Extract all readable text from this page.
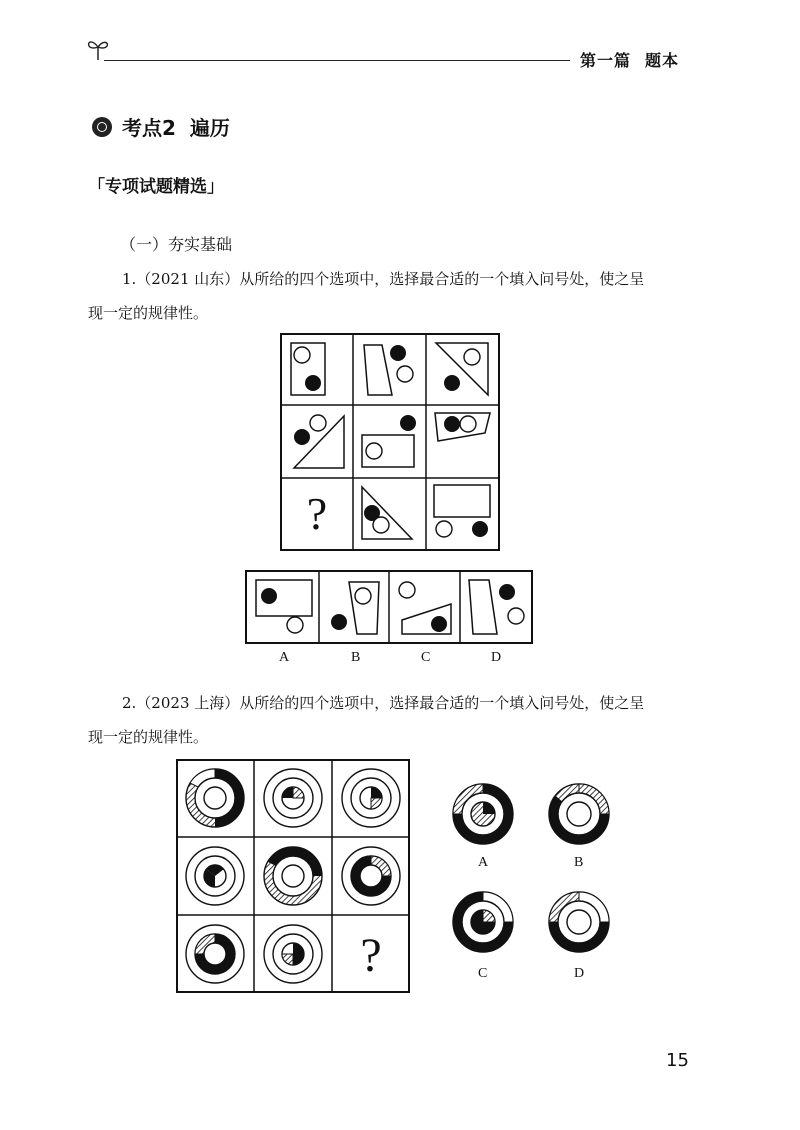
第一篇 题本
考点2 遍历
「专项试题精选」
（一）夯实基础
1.（2021 山东）从所给的四个选项中，选择最合适的一个填入问号处，使之呈
现一定的规律性。
?
A	B	C	D
2.（2023 上海）从所给的四个选项中，选择最合适的一个填入问号处，使之呈
现一定的规律性。
?
A	B
C	D
15
